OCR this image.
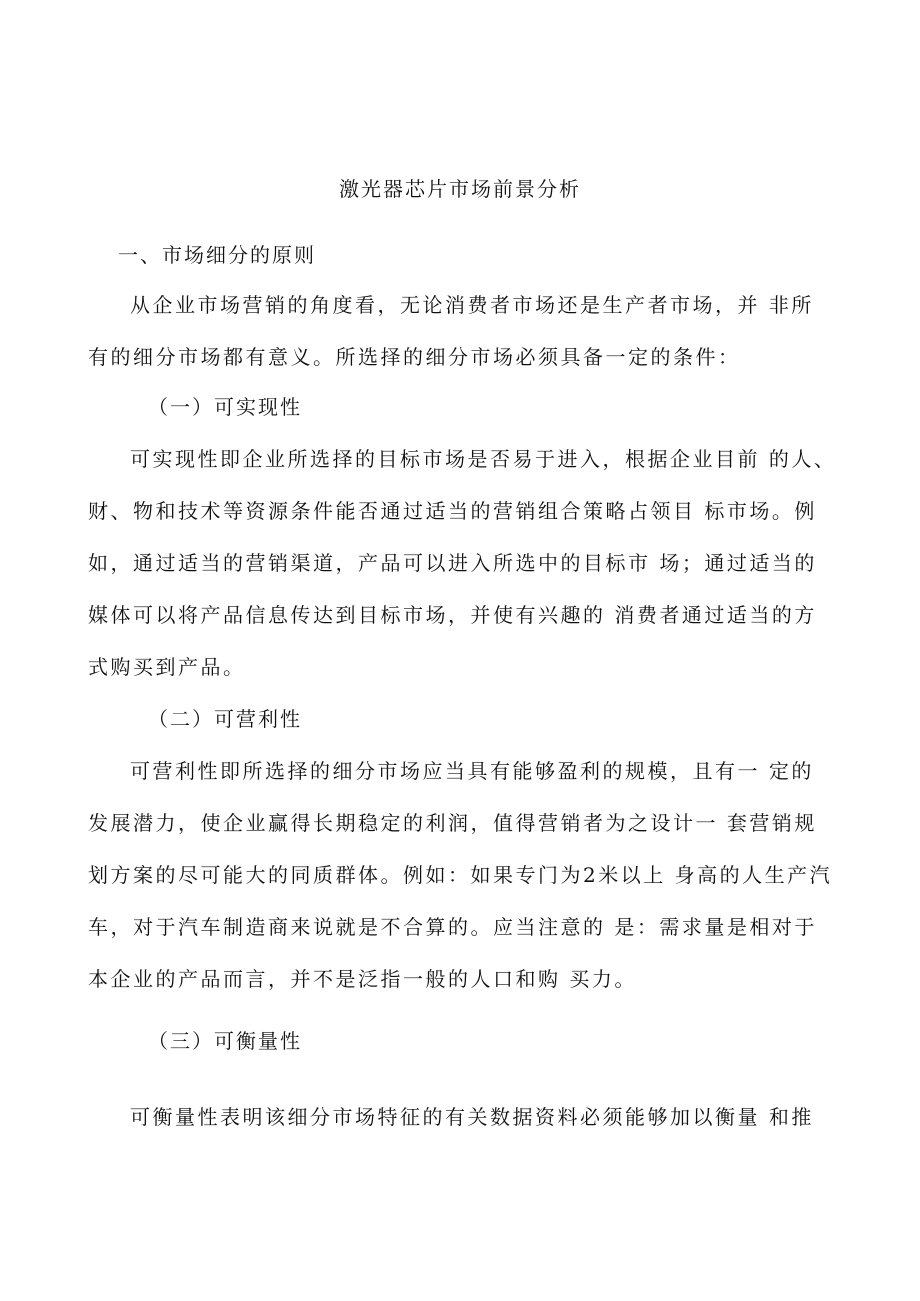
激光器芯片市场前景分析
一、市场细分的原则

从企业市场营销的角度看，无论消费者市场还是生产者市场，并 非所
有的细分市场都有意义。所选择的细分市场必须具备一定的条件：

（一）可实现性

可实现性即企业所选择的目标市场是否易于进入，根据企业目前 的人、
财、物和技术等资源条件能否通过适当的营销组合策略占领目 标市场。例
如，通过适当的营销渠道，产品可以进入所选中的目标市 场；通过适当的
媒体可以将产品信息传达到目标市场，并使有兴趣的 消费者通过适当的方
式购买到产品。

（二）可营利性

可营利性即所选择的细分市场应当具有能够盈利的规模，且有一 定的
发展潜力，使企业赢得长期稳定的利润，值得营销者为之设计一 套营销规
划方案的尽可能大的同质群体。例如：如果专门为2米以上 身高的人生产汽
车，对于汽车制造商来说就是不合算的。应当注意的 是：需求量是相对于
本企业的产品而言，并不是泛指一般的人口和购 买力。

（三）可衡量性

可衡量性表明该细分市场特征的有关数据资料必须能够加以衡量 和推
